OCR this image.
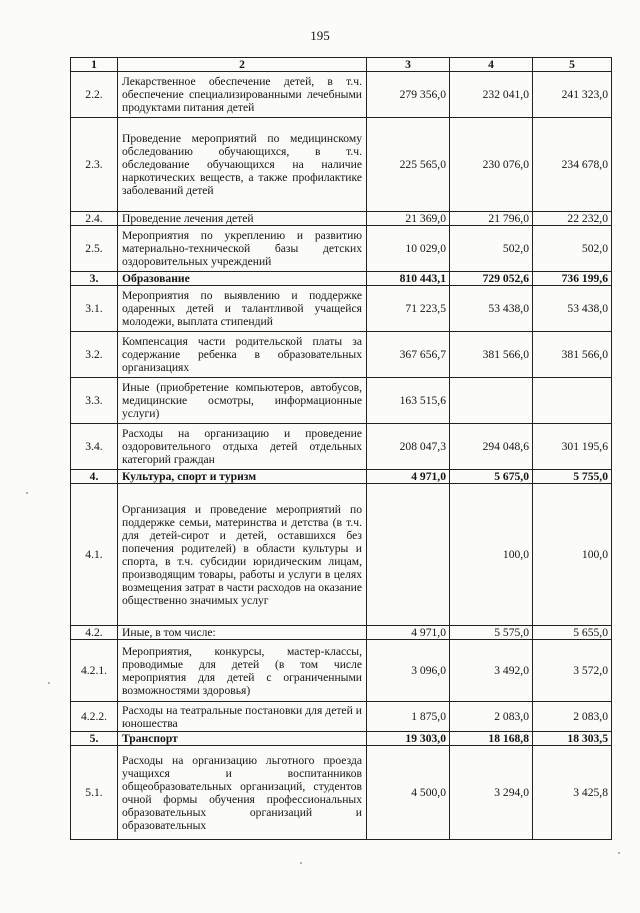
195
1	2	3	4	5
2.2.	Лекарственное обеспечение детей, в т.ч. обеспечение специализированными лечебными продуктами питания детей	279 356,0	232 041,0	241 323,0
2.3.	Проведение мероприятий по медицинскому обследованию обучающихся, в т.ч. обследование обучающихся на наличие наркотических веществ, а также профилактике заболеваний детей	225 565,0	230 076,0	234 678,0
2.4.	Проведение лечения детей	21 369,0	21 796,0	22 232,0
2.5.	Мероприятия по укреплению и развитию материально-технической базы детских оздоровительных учреждений	10 029,0	502,0	502,0
3.	Образование	810 443,1	729 052,6	736 199,6
3.1.	Мероприятия по выявлению и поддержке одаренных детей и талантливой учащейся молодежи, выплата стипендий	71 223,5	53 438,0	53 438,0
3.2.	Компенсация части родительской платы за содержание ребенка в образовательных организациях	367 656,7	381 566,0	381 566,0
3.3.	Иные (приобретение компьютеров, автобусов, медицинские осмотры, информационные услуги)	163 515,6		
3.4.	Расходы на организацию и проведение оздоровительного отдыха детей отдельных категорий граждан	208 047,3	294 048,6	301 195,6
4.	Культура, спорт и туризм	4 971,0	5 675,0	5 755,0
4.1.	Организация и проведение мероприятий по поддержке семьи, материнства и детства (в т.ч. для детей-сирот и детей, оставшихся без попечения родителей) в области культуры и спорта, в т.ч. субсидии юридическим лицам, производящим товары, работы и услуги в целях возмещения затрат в части расходов на оказание общественно значимых услуг		100,0	100,0
4.2.	Иные, в том числе:	4 971,0	5 575,0	5 655,0
4.2.1.	Мероприятия, конкурсы, мастер-классы, проводимые для детей (в том числе мероприятия для детей с ограниченными возможностями здоровья)	3 096,0	3 492,0	3 572,0
4.2.2.	Расходы на театральные постановки для детей и юношества	1 875,0	2 083,0	2 083,0
5.	Транспорт	19 303,0	18 168,8	18 303,5
5.1.	Расходы на организацию льготного проезда учащихся и воспитанников общеобразовательных организаций, студентов очной формы обучения профессиональных образовательных организаций и образовательных	4 500,0	3 294,0	3 425,8
